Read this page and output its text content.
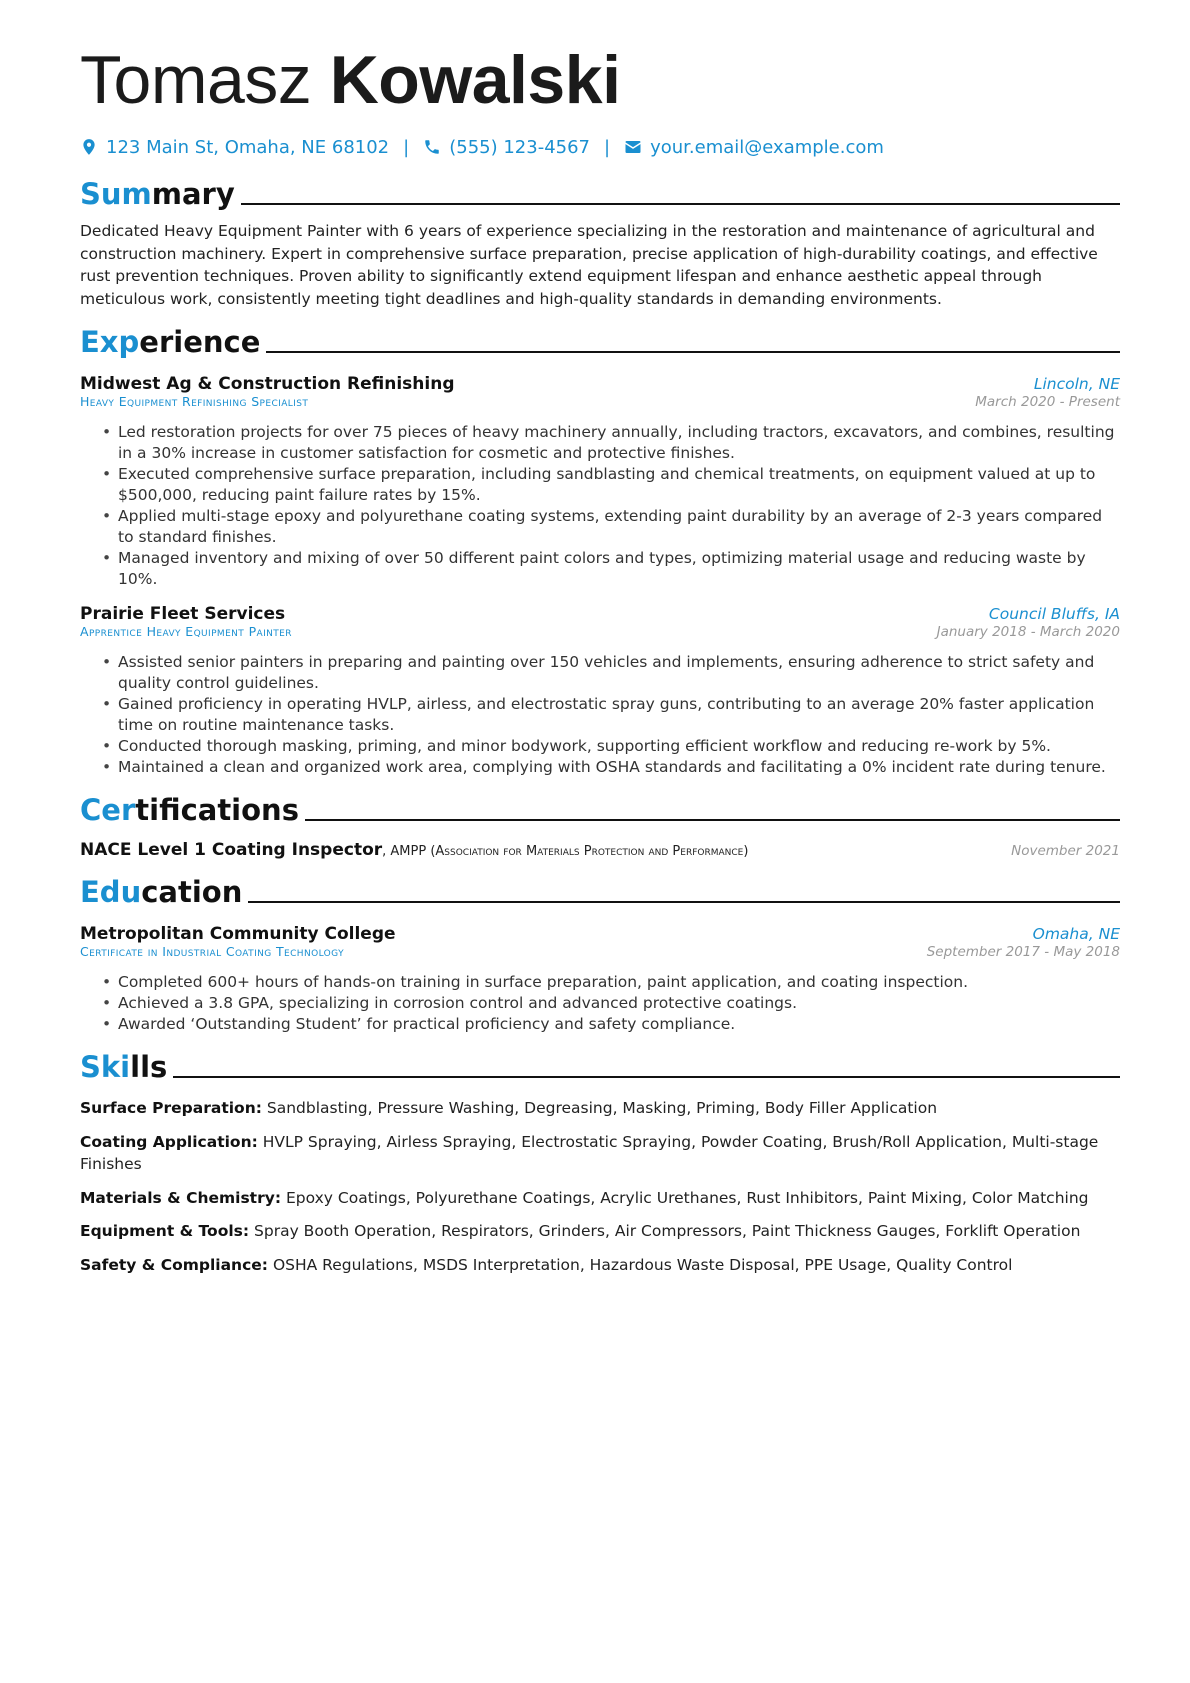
Tomasz Kowalski
123 Main St, Omaha, NE 68102 | (555) 123-4567 | your.email@example.com
Summary

Dedicated Heavy Equipment Painter with 6 years of experience specializing in the restoration and maintenance of agricultural and construction machinery. Expert in comprehensive surface preparation, precise application of high-durability coatings, and effective rust prevention techniques. Proven ability to significantly extend equipment lifespan and enhance aesthetic appeal through meticulous work, consistently meeting tight deadlines and high-quality standards in demanding environments.

Experience
Midwest Ag & Construction Refinishing	Lincoln, NE
Heavy Equipment Refinishing Specialist	March 2020 - Present
• Led restoration projects for over 75 pieces of heavy machinery annually, including tractors, excavators, and combines, resulting in a 30% increase in customer satisfaction for cosmetic and protective finishes.
• Executed comprehensive surface preparation, including sandblasting and chemical treatments, on equipment valued at up to $500,000, reducing paint failure rates by 15%.
• Applied multi-stage epoxy and polyurethane coating systems, extending paint durability by an average of 2-3 years compared to standard finishes.
• Managed inventory and mixing of over 50 different paint colors and types, optimizing material usage and reducing waste by 10%.
Prairie Fleet Services	Council Bluffs, IA
Apprentice Heavy Equipment Painter	January 2018 - March 2020
• Assisted senior painters in preparing and painting over 150 vehicles and implements, ensuring adherence to strict safety and quality control guidelines.
• Gained proficiency in operating HVLP, airless, and electrostatic spray guns, contributing to an average 20% faster application time on routine maintenance tasks.
• Conducted thorough masking, priming, and minor bodywork, supporting efficient workflow and reducing re-work by 5%.
• Maintained a clean and organized work area, complying with OSHA standards and facilitating a 0% incident rate during tenure.
Certifications
NACE Level 1 Coating Inspector, AMPP (Association for Materials Protection and Performance)	November 2021
Education
Metropolitan Community College	Omaha, NE
Certificate in Industrial Coating Technology	September 2017 - May 2018
• Completed 600+ hours of hands-on training in surface preparation, paint application, and coating inspection.
• Achieved a 3.8 GPA, specializing in corrosion control and advanced protective coatings.
• Awarded ‘Outstanding Student’ for practical proficiency and safety compliance.
Skills
Surface Preparation: Sandblasting, Pressure Washing, Degreasing, Masking, Priming, Body Filler Application
Coating Application: HVLP Spraying, Airless Spraying, Electrostatic Spraying, Powder Coating, Brush/Roll Application, Multi-stage Finishes
Materials & Chemistry: Epoxy Coatings, Polyurethane Coatings, Acrylic Urethanes, Rust Inhibitors, Paint Mixing, Color Matching
Equipment & Tools: Spray Booth Operation, Respirators, Grinders, Air Compressors, Paint Thickness Gauges, Forklift Operation
Safety & Compliance: OSHA Regulations, MSDS Interpretation, Hazardous Waste Disposal, PPE Usage, Quality Control
